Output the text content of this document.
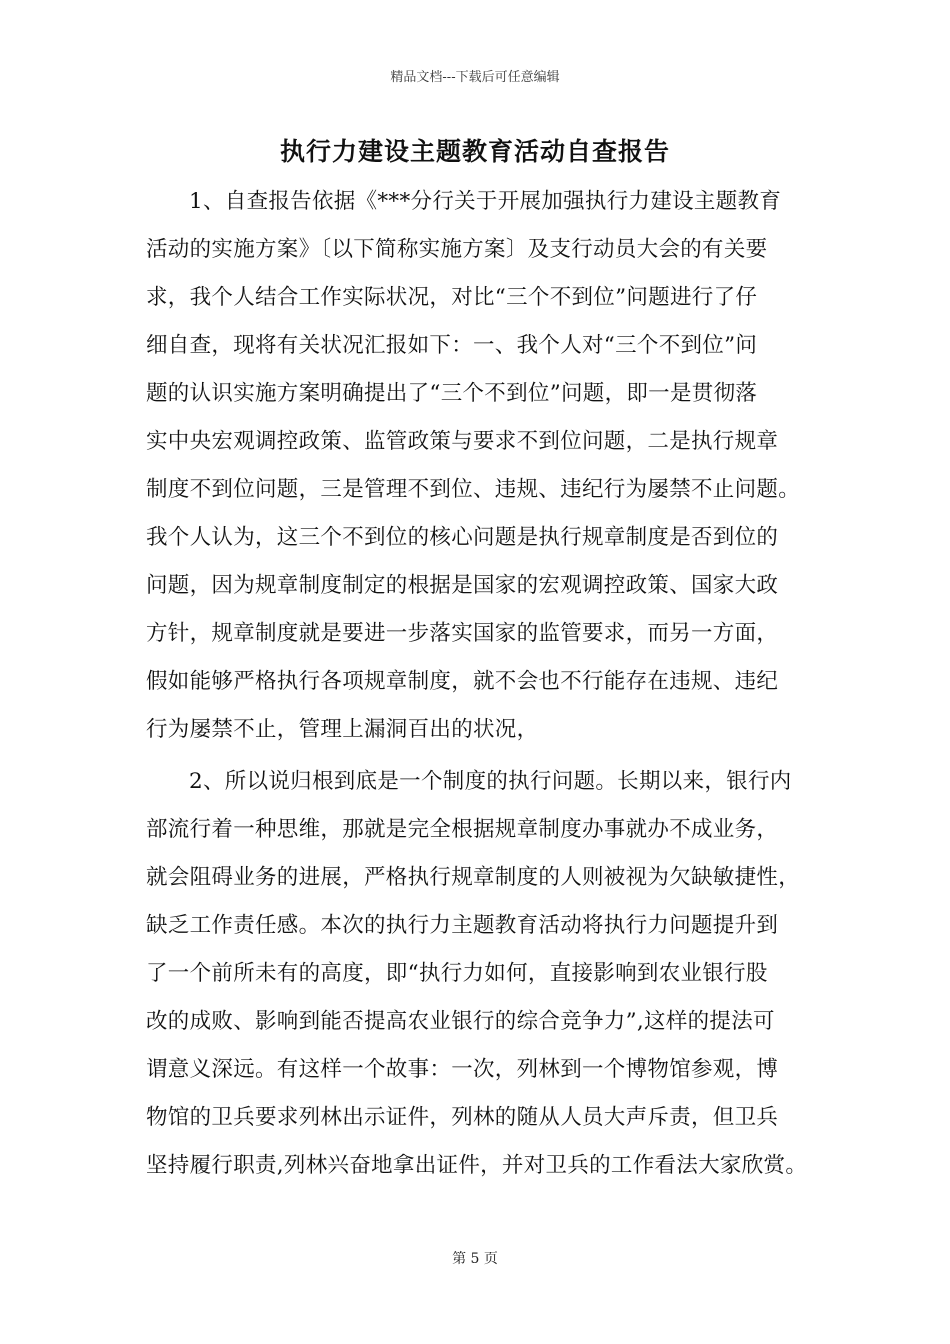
精品文档---下载后可任意编辑
执行力建设主题教育活动自查报告
1、自查报告依据《***分行关于开展加强执行力建设主题教育
活动的实施方案》〔以下简称实施方案〕及支行动员大会的有关要
求，我个人结合工作实际状况，对比“三个不到位”问题进行了仔
细自查，现将有关状况汇报如下：一、我个人对“三个不到位”问
题的认识实施方案明确提出了“三个不到位”问题，即一是贯彻落
实中央宏观调控政策、监管政策与要求不到位问题，二是执行规章
制度不到位问题，三是管理不到位、违规、违纪行为屡禁不止问题。
我个人认为，这三个不到位的核心问题是执行规章制度是否到位的
问题，因为规章制度制定的根据是国家的宏观调控政策、国家大政
方针，规章制度就是要进一步落实国家的监管要求，而另一方面，
假如能够严格执行各项规章制度，就不会也不行能存在违规、违纪
行为屡禁不止，管理上漏洞百出的状况，
2、所以说归根到底是一个制度的执行问题。长期以来，银行内
部流行着一种思维，那就是完全根据规章制度办事就办不成业务，
就会阻碍业务的进展，严格执行规章制度的人则被视为欠缺敏捷性，
缺乏工作责任感。本次的执行力主题教育活动将执行力问题提升到
了一个前所未有的高度，即“执行力如何，直接影响到农业银行股
改的成败、影响到能否提高农业银行的综合竞争力”,这样的提法可
谓意义深远。有这样一个故事：一次，列林到一个博物馆参观，博
物馆的卫兵要求列林出示证件，列林的随从人员大声斥责，但卫兵
坚持履行职责,列林兴奋地拿出证件，并对卫兵的工作看法大家欣赏。
第 5 页
